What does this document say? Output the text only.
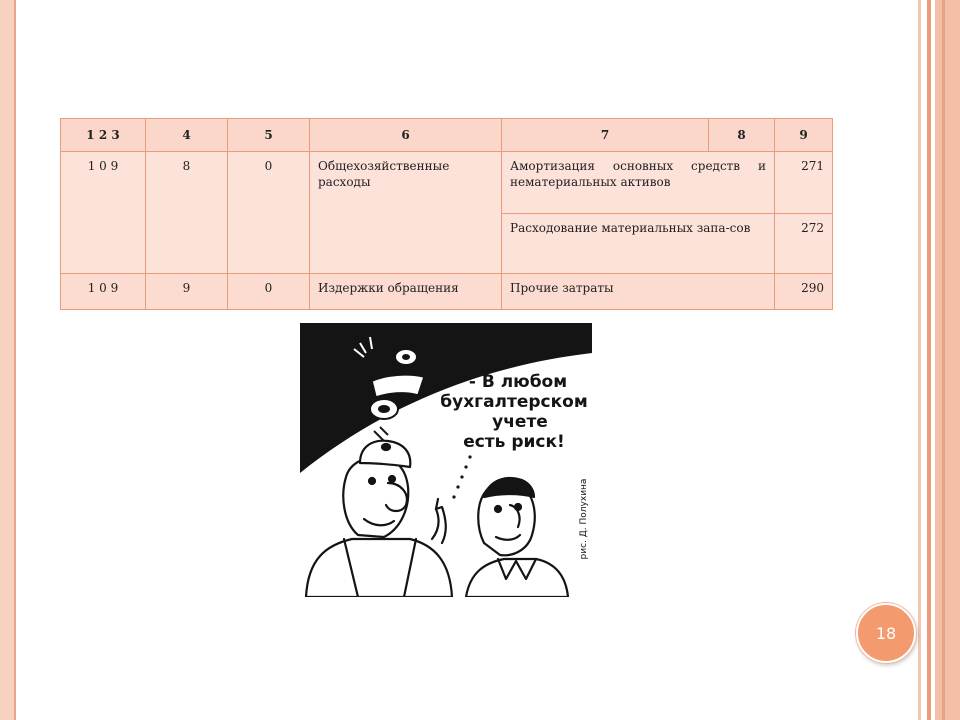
1 2 3	4	5	6	7	8	9
1 0 9	8	0	Общехозяйственные расходы	Амортизация основных средств и нематериальных активов		271
				Расходование материальных запа-сов		272
1 0 9	9	0	Издержки обращения	Прочие затраты		290
- В любом
бухгалтерском
учете
есть риск!
рис. Д. Полухина
18
